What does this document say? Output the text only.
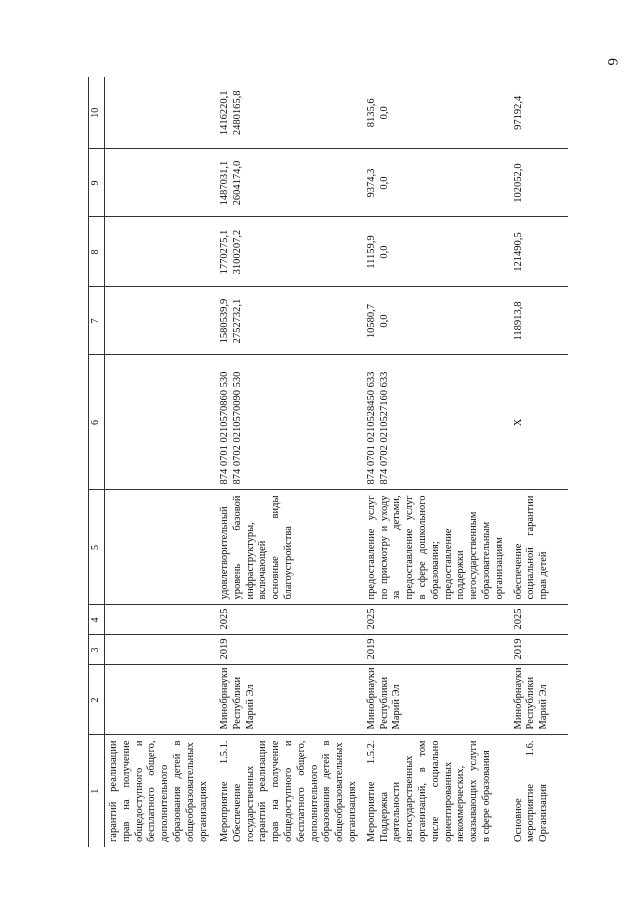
6
1	2	3	4	5	6	7	8	9	10
гарантий реализации прав на получение общедоступного и бесплатного общего, дополнительного образования детей в общеобразовательных организациях									
Мероприятие 1.5.1. Обеспечение государственных гарантий реализации прав на получение общедоступного и бесплатного общего, дополнительного образования детей в общеобразовательных организациях	Минобрнауки Республики Марий Эл	2019	2025	удовлетворительный уровень базовой инфраструктуры, включающей основные виды благоустройства	874 0701 0210570860 530 874 0702 0210570090 530	1580539,9 2752732,1	1770275,1 3100207,2	1487031,1 2604174,0	1416220,1 2480165,8

Мероприятие 1.5.2. Поддержка деятельности негосударственных организаций, в том числе социально ориентированных некоммерческих, оказывающих услуги в сфере образования	Минобрнауки Республики Марий Эл	2019	2025	предоставление услуг по присмотру и уходу за детьми, предоставление услуг в сфере дошкольного образования; предоставление поддержки негосударственным образовательным организациям	874 0701 0210528450 633 874 0702 0210527160 633	10580,7 0,0	11159,9 0,0	9374,3 0,0	8135,6 0,0

Основное мероприятие 1.6. Организация	Минобрнауки Республики Марий Эл	2019	2025	обеспечение социальной гарантии прав детей	Х	118913,8	121490,5	102052,0	97192,4
